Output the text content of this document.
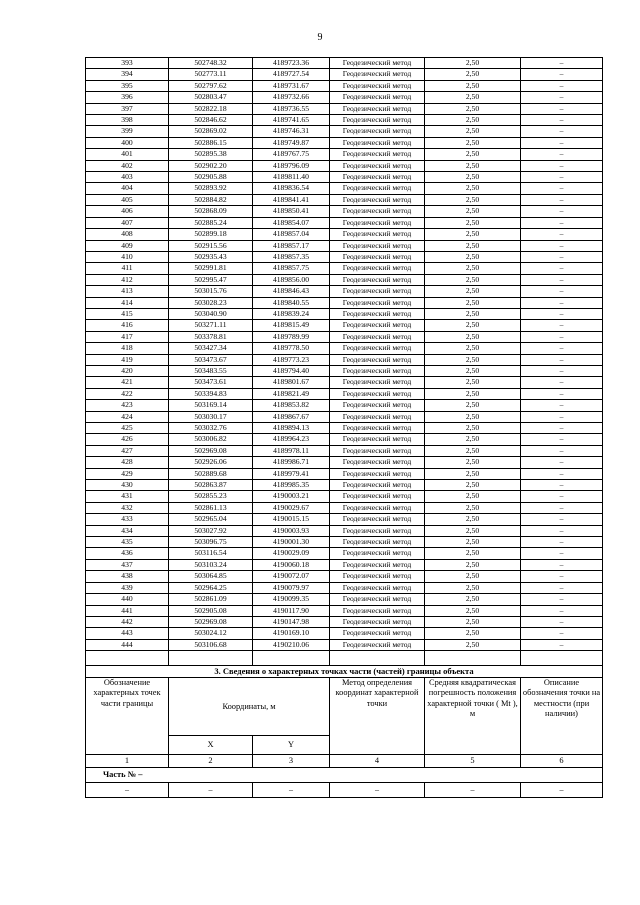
9
393	502748.32	4189723.36	Геодезический метод	2,50	–
394	502773.11	4189727.54	Геодезический метод	2,50	–
395	502797.62	4189731.67	Геодезический метод	2,50	–
396	502803.47	4189732.66	Геодезический метод	2,50	–
397	502822.18	4189736.55	Геодезический метод	2,50	–
398	502846.62	4189741.65	Геодезический метод	2,50	–
399	502869.02	4189746.31	Геодезический метод	2,50	–
400	502886.15	4189749.87	Геодезический метод	2,50	–
401	502895.38	4189767.75	Геодезический метод	2,50	–
402	502902.20	4189796.09	Геодезический метод	2,50	–
403	502905.88	4189811.40	Геодезический метод	2,50	–
404	502893.92	4189836.54	Геодезический метод	2,50	–
405	502884.82	4189841.41	Геодезический метод	2,50	–
406	502868.09	4189850.41	Геодезический метод	2,50	–
407	502885.24	4189854.07	Геодезический метод	2,50	–
408	502899.18	4189857.04	Геодезический метод	2,50	–
409	502915.56	4189857.17	Геодезический метод	2,50	–
410	502935.43	4189857.35	Геодезический метод	2,50	–
411	502991.81	4189857.75	Геодезический метод	2,50	–
412	502995.47	4189856.00	Геодезический метод	2,50	–
413	503015.76	4189846.43	Геодезический метод	2,50	–
414	503028.23	4189840.55	Геодезический метод	2,50	–
415	503040.90	4189839.24	Геодезический метод	2,50	–
416	503271.11	4189815.49	Геодезический метод	2,50	–
417	503378.81	4189789.99	Геодезический метод	2,50	–
418	503427.34	4189778.50	Геодезический метод	2,50	–
419	503473.67	4189773.23	Геодезический метод	2,50	–
420	503483.55	4189794.40	Геодезический метод	2,50	–
421	503473.61	4189801.67	Геодезический метод	2,50	–
422	503394.83	4189821.49	Геодезический метод	2,50	–
423	503169.14	4189853.82	Геодезический метод	2,50	–
424	503030.17	4189867.67	Геодезический метод	2,50	–
425	503032.76	4189894.13	Геодезический метод	2,50	–
426	503006.82	4189964.23	Геодезический метод	2,50	–
427	502969.08	4189978.11	Геодезический метод	2,50	–
428	502926.06	4189986.71	Геодезический метод	2,50	–
429	502889.68	4189979.41	Геодезический метод	2,50	–
430	502863.87	4189985.35	Геодезический метод	2,50	–
431	502855.23	4190003.21	Геодезический метод	2,50	–
432	502861.13	4190029.67	Геодезический метод	2,50	–
433	502965.04	4190015.15	Геодезический метод	2,50	–
434	503027.92	4190003.93	Геодезический метод	2,50	–
435	503096.75	4190001.30	Геодезический метод	2,50	–
436	503116.54	4190029.09	Геодезический метод	2,50	–
437	503103.24	4190060.18	Геодезический метод	2,50	–
438	503064.85	4190072.07	Геодезический метод	2,50	–
439	502964.25	4190079.97	Геодезический метод	2,50	–
440	502861.09	4190099.35	Геодезический метод	2,50	–
441	502905.08	4190117.90	Геодезический метод	2,50	–
442	502969.08	4190147.98	Геодезический метод	2,50	–
443	503024.12	4190169.10	Геодезический метод	2,50	–
444	503106.68	4190210.06	Геодезический метод	2,50	–

3. Сведения о характерных точках части (частей) границы объекта					
Обозначение характерных точек части границы	Координаты, м		Метод определения координат характерной точки	Средняя квадратическая погрешность положения характерной точки ( Mt ), м	Описание обозначения точки на местности (при наличии)
	X	Y			
1	2	3	4	5	6
Часть № –					
–	–	–	–	–	–
